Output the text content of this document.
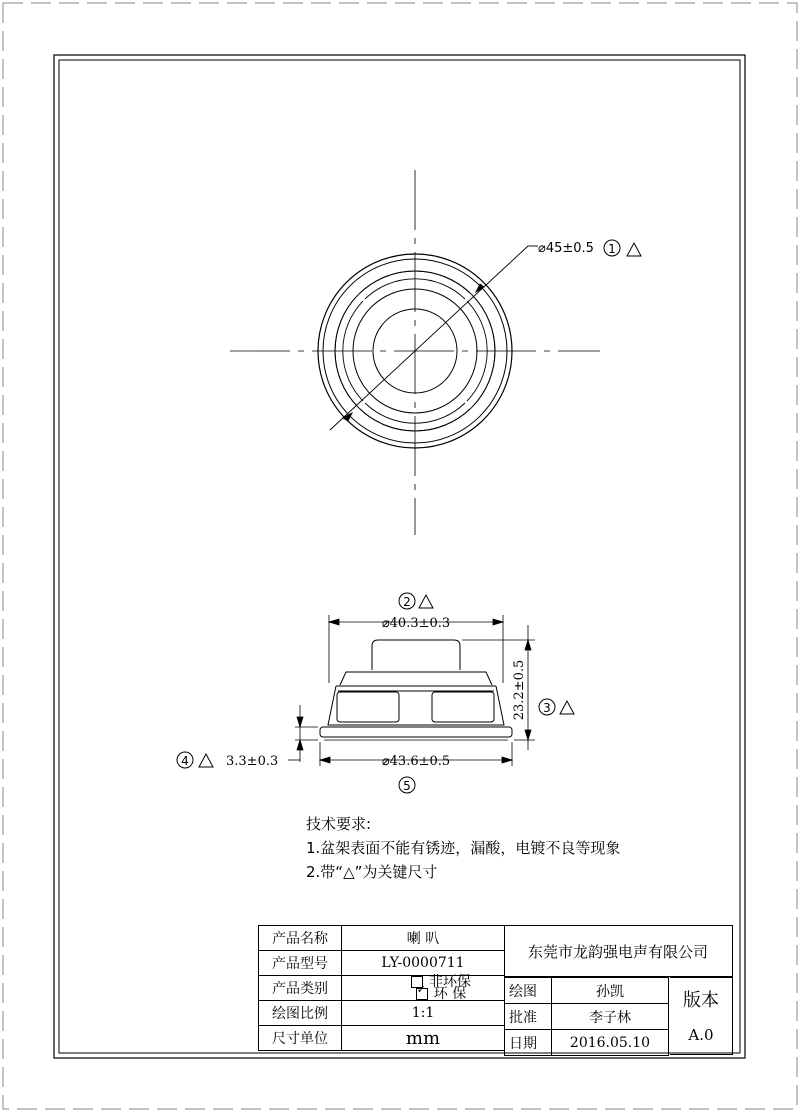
⌀45±0.5 1
2
⌀40.3±0.3
23.2±0.5 3
4	3.3±0.3	⌀43.6±0.5
5
技术要求:
1.盆架表面不能有锈迹，漏酸，电镀不良等现象
2.带“△”为关键尺寸
产品名称	喇 叭
产品型号	LY-0000711
产品类别	非环保
✓环 保

绘图比例	1:1
尺寸单位	mm
东莞市龙韵强电声有限公司
绘图	孙凯
批准	李子林
日期	2016.05.10
版本
A.0
